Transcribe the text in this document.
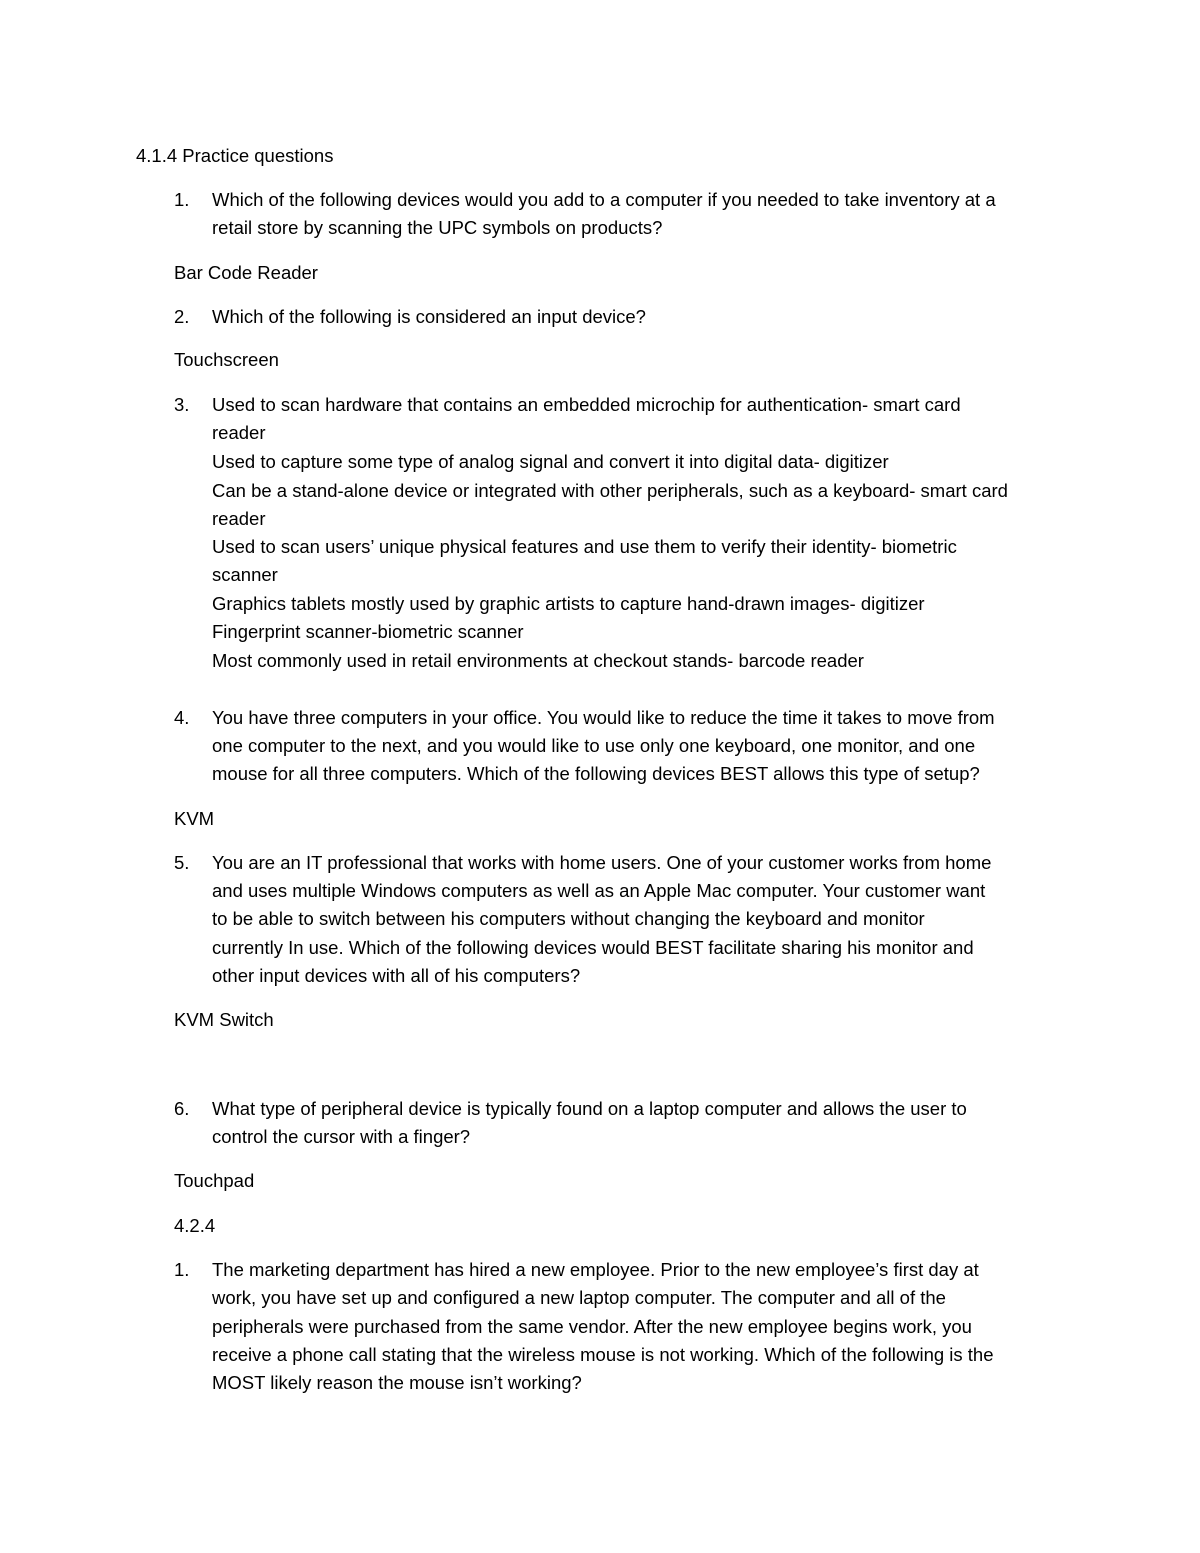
4.1.4 Practice questions
1. Which of the following devices would you add to a computer if you needed to take inventory at a
retail store by scanning the UPC symbols on products?
Bar Code Reader
2. Which of the following is considered an input device?
Touchscreen
3. Used to scan hardware that contains an embedded microchip for authentication- smart card
reader
Used to capture some type of analog signal and convert it into digital data- digitizer
Can be a stand-alone device or integrated with other peripherals, such as a keyboard- smart card
reader
Used to scan users’ unique physical features and use them to verify their identity- biometric
scanner
Graphics tablets mostly used by graphic artists to capture hand-drawn images- digitizer
Fingerprint scanner-biometric scanner
Most commonly used in retail environments at checkout stands- barcode reader
4. You have three computers in your office. You would like to reduce the time it takes to move from
one computer to the next, and you would like to use only one keyboard, one monitor, and one
mouse for all three computers. Which of the following devices BEST allows this type of setup?
KVM
5. You are an IT professional that works with home users. One of your customer works from home
and uses multiple Windows computers as well as an Apple Mac computer. Your customer want
to be able to switch between his computers without changing the keyboard and monitor
currently In use. Which of the following devices would BEST facilitate sharing his monitor and
other input devices with all of his computers?
KVM Switch
6. What type of peripheral device is typically found on a laptop computer and allows the user to
control the cursor with a finger?
Touchpad
4.2.4
1. The marketing department has hired a new employee. Prior to the new employee’s first day at
work, you have set up and configured a new laptop computer. The computer and all of the
peripherals were purchased from the same vendor. After the new employee begins work, you
receive a phone call stating that the wireless mouse is not working. Which of the following is the
MOST likely reason the mouse isn’t working?
